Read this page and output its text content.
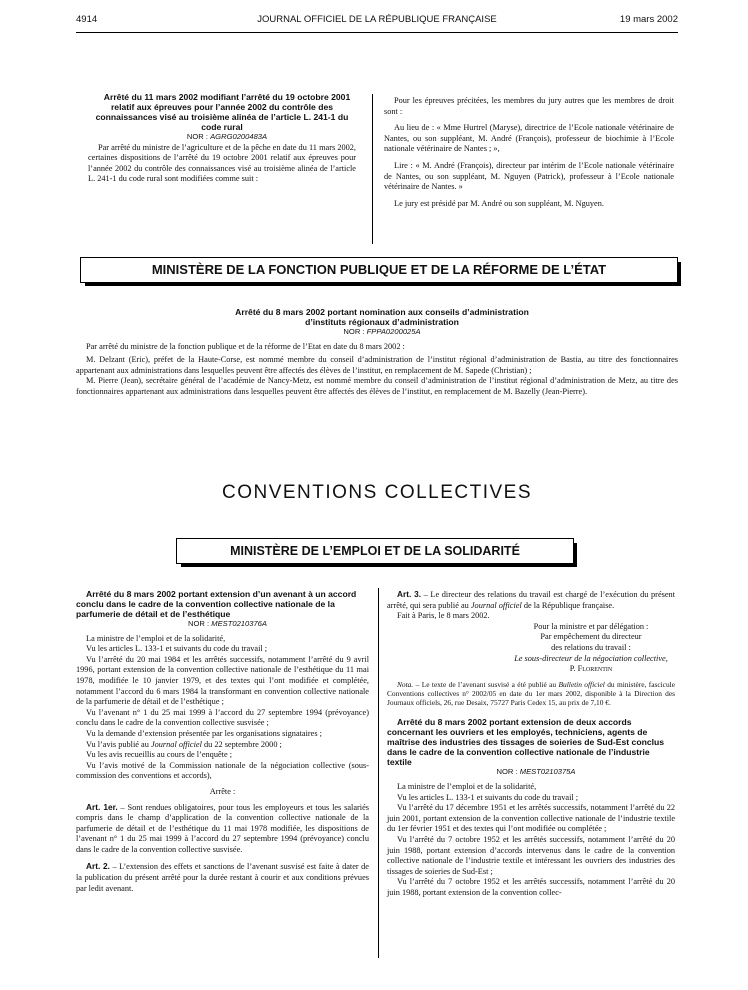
4914	JOURNAL OFFICIEL DE LA RÉPUBLIQUE FRANÇAISE	19 mars 2002

Arrêté du 11 mars 2002 modifiant l’arrêté du 19 octobre 2001 relatif aux épreuves pour l’année 2002 du contrôle des connaissances visé au troisième alinéa de l’article L. 241-1 du code rural

NOR : AGRG0200483A

Par arrêté du ministre de l’agriculture et de la pêche en date du 11 mars 2002, certaines dispositions de l’arrêté du 19 octobre 2001 relatif aux épreuves pour l’année 2002 du contrôle des connaissances visé au troisième alinéa de l’article L. 241-1 du code rural sont modifiées comme suit :

Pour les épreuves précitées, les membres du jury autres que les membres de droit sont :

Au lieu de : « Mme Hurtrel (Maryse), directrice de l’Ecole nationale vétérinaire de Nantes, ou son suppléant, M. André (François), professeur de biochimie à l’Ecole nationale vétérinaire de Nantes ; »,

Lire : « M. André (François), directeur par intérim de l’Ecole nationale vétérinaire de Nantes, ou son suppléant, M. Nguyen (Patrick), professeur à l’Ecole nationale vétérinaire de Nantes. »

Le jury est présidé par M. André ou son suppléant, M. Nguyen.

MINISTÈRE DE LA FONCTION PUBLIQUE ET DE LA RÉFORME DE L’ÉTAT

Arrêté du 8 mars 2002 portant nomination aux conseils d’administration

d’instituts régionaux d’administration

NOR : FPPA0200025A

Par arrêté du ministre de la fonction publique et de la réforme de l’Etat en date du 8 mars 2002 :

M. Delzant (Eric), préfet de la Haute-Corse, est nommé membre du conseil d’administration de l’institut régional d’administration de Bastia, au titre des fonctionnaires appartenant aux administrations dans lesquelles peuvent être affectés des élèves de l’institut, en remplacement de M. Sapede (Christian) ;

M. Pierre (Jean), secrétaire général de l’académie de Nancy-Metz, est nommé membre du conseil d’administration de l’institut régional d’administration de Metz, au titre des fonctionnaires appartenant aux administrations dans lesquelles peuvent être affectés des élèves de l’institut, en remplacement de M. Bazelly (Jean-Pierre).

CONVENTIONS COLLECTIVES
MINISTÈRE DE L’EMPLOI ET DE LA SOLIDARITÉ

Arrêté du 8 mars 2002 portant extension d’un avenant à un accord conclu dans le cadre de la convention collective nationale de la parfumerie de détail et de l’esthétique

NOR : MEST0210376A

La ministre de l’emploi et de la solidarité,

Vu les articles L. 133-1 et suivants du code du travail ;

Vu l’arrêté du 20 mai 1984 et les arrêtés successifs, notamment l’arrêté du 9 avril 1996, portant extension de la convention collective nationale de l’esthétique du 11 mai 1978, modifiée le 10 janvier 1979, et des textes qui l’ont modifiée et complétée, notamment l’accord du 6 mars 1984 la transformant en convention collective nationale de la parfumerie de détail et de l’esthétique ;

Vu l’avenant n° 1 du 25 mai 1999 à l’accord du 27 septembre 1994 (prévoyance) conclu dans le cadre de la convention collective susvisée ;

Vu la demande d’extension présentée par les organisations signataires ;

Vu l’avis publié au Journal officiel du 22 septembre 2000 ;

Vu les avis recueillis au cours de l’enquête ;

Vu l’avis motivé de la Commission nationale de la négociation collective (sous-commission des conventions et accords),

Arrête :

Art. 1er. – Sont rendues obligatoires, pour tous les employeurs et tous les salariés compris dans le champ d’application de la convention collective nationale de la parfumerie de détail et de l’esthétique du 11 mai 1978 modifiée, les dispositions de l’avenant n° 1 du 25 mai 1999 à l’accord du 27 septembre 1994 (prévoyance) conclu dans le cadre de la convention collective susvisée.

Art. 2. – L’extension des effets et sanctions de l’avenant susvisé est faite à dater de la publication du présent arrêté pour la durée restant à courir et aux conditions prévues par ledit avenant.

Art. 3. – Le directeur des relations du travail est chargé de l’exécution du présent arrêté, qui sera publié au Journal officiel de la République française.

Fait à Paris, le 8 mars 2002.

Pour la ministre et par délégation :

Par empêchement du directeur

des relations du travail :

Le sous-directeur de la négociation collective,

P. Florentin

Nota. – Le texte de l’avenant susvisé a été publié au Bulletin officiel du ministère, fascicule Conventions collectives n° 2002/05 en date du 1er mars 2002, disponible à la Direction des Journaux officiels, 26, rue Desaix, 75727 Paris Cedex 15, au prix de 7,10 €.

Arrêté du 8 mars 2002 portant extension de deux accords concernant les ouvriers et les employés, techniciens, agents de maîtrise des industries des tissages de soieries de Sud-Est conclus dans le cadre de la convention collective nationale de l’industrie textile

NOR : MEST0210375A

La ministre de l’emploi et de la solidarité,

Vu les articles L. 133-1 et suivants du code du travail ;

Vu l’arrêté du 17 décembre 1951 et les arrêtés successifs, notamment l’arrêté du 22 juin 2001, portant extension de la convention collective nationale de l’industrie textile du 1er février 1951 et des textes qui l’ont modifiée ou complétée ;

Vu l’arrêté du 7 octobre 1952 et les arrêtés successifs, notamment l’arrêté du 20 juin 1988, portant extension d’accords intervenus dans le cadre de la convention collective nationale de l’industrie textile et intéressant les ouvriers des industries des tissages de soieries de Sud-Est ;

Vu l’arrêté du 7 octobre 1952 et les arrêtés successifs, notamment l’arrêté du 20 juin 1988, portant extension de la convention collec-
